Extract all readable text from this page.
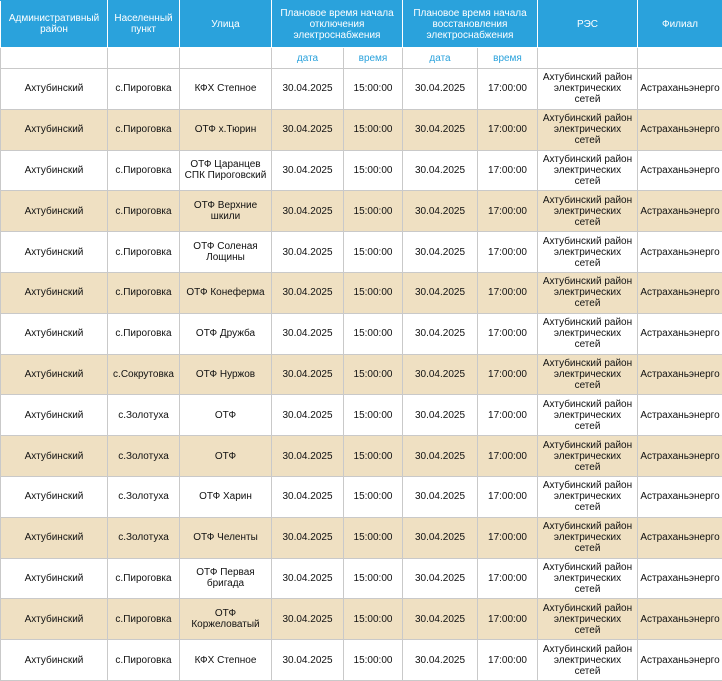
Административный район	Населенный пункт	Улица	Плановое время начала отключения электроснабжения		Плановое время начала восстановления электроснабжения		РЭС	Филиал
			дата	время	дата	время		
Ахтубинский	с.Пироговка	КФХ Степное	30.04.2025	15:00:00	30.04.2025	17:00:00	Ахтубинский район электрических сетей	Астраханьэнерго
Ахтубинский	с.Пироговка	ОТФ х.Тюрин	30.04.2025	15:00:00	30.04.2025	17:00:00	Ахтубинский район электрических сетей	Астраханьэнерго
Ахтубинский	с.Пироговка	ОТФ Царанцев СПК Пироговский	30.04.2025	15:00:00	30.04.2025	17:00:00	Ахтубинский район электрических сетей	Астраханьэнерго
Ахтубинский	с.Пироговка	ОТФ Верхние шкили	30.04.2025	15:00:00	30.04.2025	17:00:00	Ахтубинский район электрических сетей	Астраханьэнерго
Ахтубинский	с.Пироговка	ОТФ Соленая Лощины	30.04.2025	15:00:00	30.04.2025	17:00:00	Ахтубинский район электрических сетей	Астраханьэнерго
Ахтубинский	с.Пироговка	ОТФ Конеферма	30.04.2025	15:00:00	30.04.2025	17:00:00	Ахтубинский район электрических сетей	Астраханьэнерго
Ахтубинский	с.Пироговка	ОТФ Дружба	30.04.2025	15:00:00	30.04.2025	17:00:00	Ахтубинский район электрических сетей	Астраханьэнерго
Ахтубинский	с.Сокрутовка	ОТФ Нуржов	30.04.2025	15:00:00	30.04.2025	17:00:00	Ахтубинский район электрических сетей	Астраханьэнерго
Ахтубинский	с.Золотуха	ОТФ	30.04.2025	15:00:00	30.04.2025	17:00:00	Ахтубинский район электрических сетей	Астраханьэнерго
Ахтубинский	с.Золотуха	ОТФ	30.04.2025	15:00:00	30.04.2025	17:00:00	Ахтубинский район электрических сетей	Астраханьэнерго
Ахтубинский	с.Золотуха	ОТФ Харин	30.04.2025	15:00:00	30.04.2025	17:00:00	Ахтубинский район электрических сетей	Астраханьэнерго
Ахтубинский	с.Золотуха	ОТФ Челенты	30.04.2025	15:00:00	30.04.2025	17:00:00	Ахтубинский район электрических сетей	Астраханьэнерго
Ахтубинский	с.Пироговка	ОТФ Первая бригада	30.04.2025	15:00:00	30.04.2025	17:00:00	Ахтубинский район электрических сетей	Астраханьэнерго
Ахтубинский	с.Пироговка	ОТФ Коржеловатый	30.04.2025	15:00:00	30.04.2025	17:00:00	Ахтубинский район электрических сетей	Астраханьэнерго
Ахтубинский	с.Пироговка	КФХ Степное	30.04.2025	15:00:00	30.04.2025	17:00:00	Ахтубинский район электрических сетей	Астраханьэнерго
